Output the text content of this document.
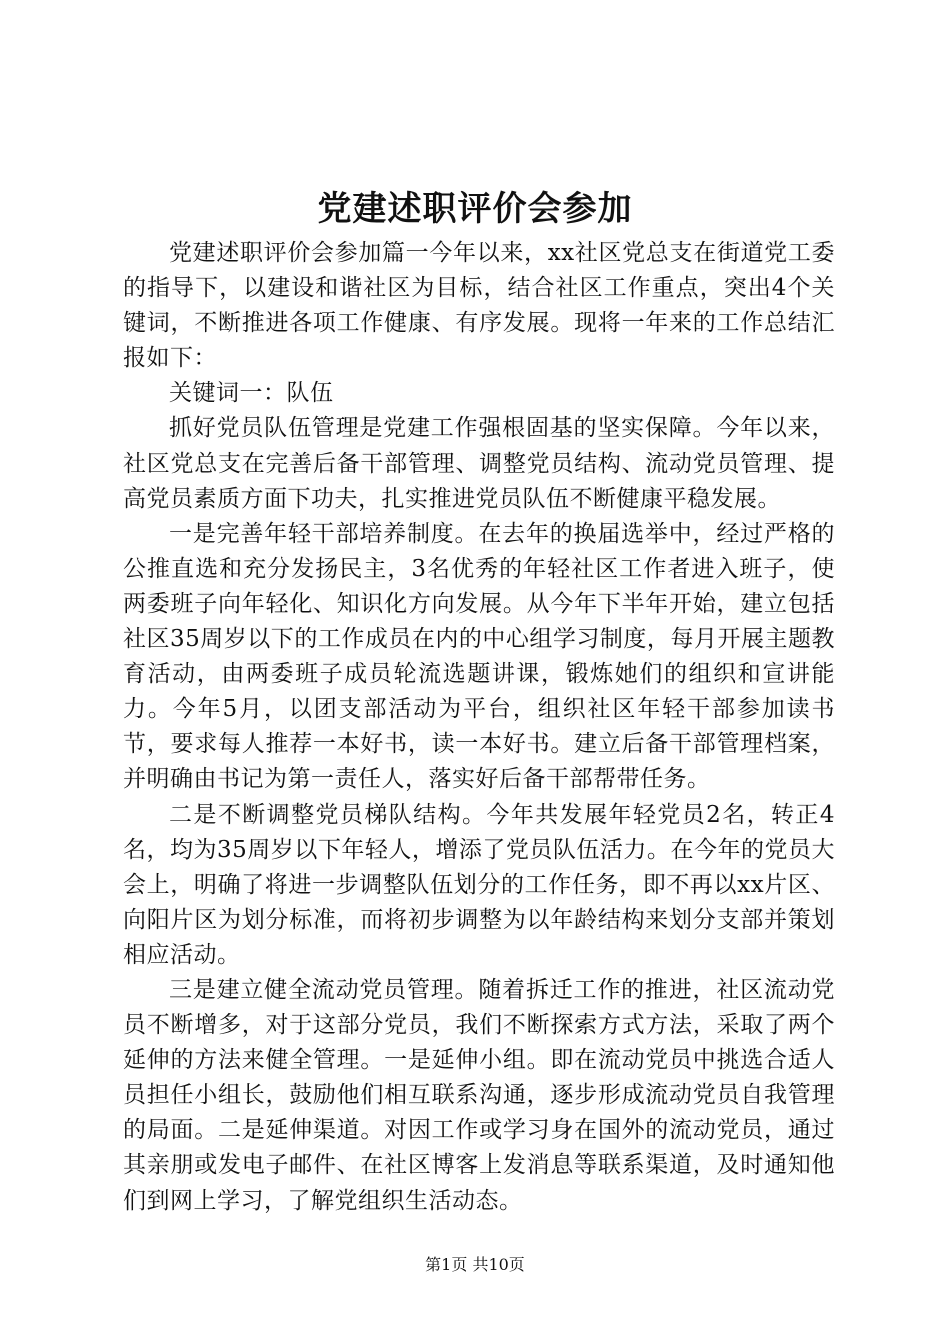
党建述职评价会参加

党建述职评价会参加篇一今年以来，xx社区党总支在街道党工委的指导下，以建设和谐社区为目标，结合社区工作重点，突出4个关键词，不断推进各项工作健康、有序发展。现将一年来的工作总结汇报如下：

关键词一：队伍

抓好党员队伍管理是党建工作强根固基的坚实保障。今年以来，社区党总支在完善后备干部管理、调整党员结构、流动党员管理、提高党员素质方面下功夫，扎实推进党员队伍不断健康平稳发展。

一是完善年轻干部培养制度。在去年的换届选举中，经过严格的公推直选和充分发扬民主，3名优秀的年轻社区工作者进入班子，使两委班子向年轻化、知识化方向发展。从今年下半年开始，建立包括社区35周岁以下的工作成员在内的中心组学习制度，每月开展主题教育活动，由两委班子成员轮流选题讲课，锻炼她们的组织和宣讲能力。今年5月，以团支部活动为平台，组织社区年轻干部参加读书节，要求每人推荐一本好书，读一本好书。建立后备干部管理档案，并明确由书记为第一责任人，落实好后备干部帮带任务。

二是不断调整党员梯队结构。今年共发展年轻党员2名，转正4名，均为35周岁以下年轻人，增添了党员队伍活力。在今年的党员大会上，明确了将进一步调整队伍划分的工作任务，即不再以xx片区、向阳片区为划分标准，而将初步调整为以年龄结构来划分支部并策划相应活动。

三是建立健全流动党员管理。随着拆迁工作的推进，社区流动党员不断增多，对于这部分党员，我们不断探索方式方法，采取了两个延伸的方法来健全管理。一是延伸小组。即在流动党员中挑选合适人员担任小组长，鼓励他们相互联系沟通，逐步形成流动党员自我管理的局面。二是延伸渠道。对因工作或学习身在国外的流动党员，通过其亲朋或发电子邮件、在社区博客上发消息等联系渠道，及时通知他们到网上学习，了解党组织生活动态。

第1页 共10页
